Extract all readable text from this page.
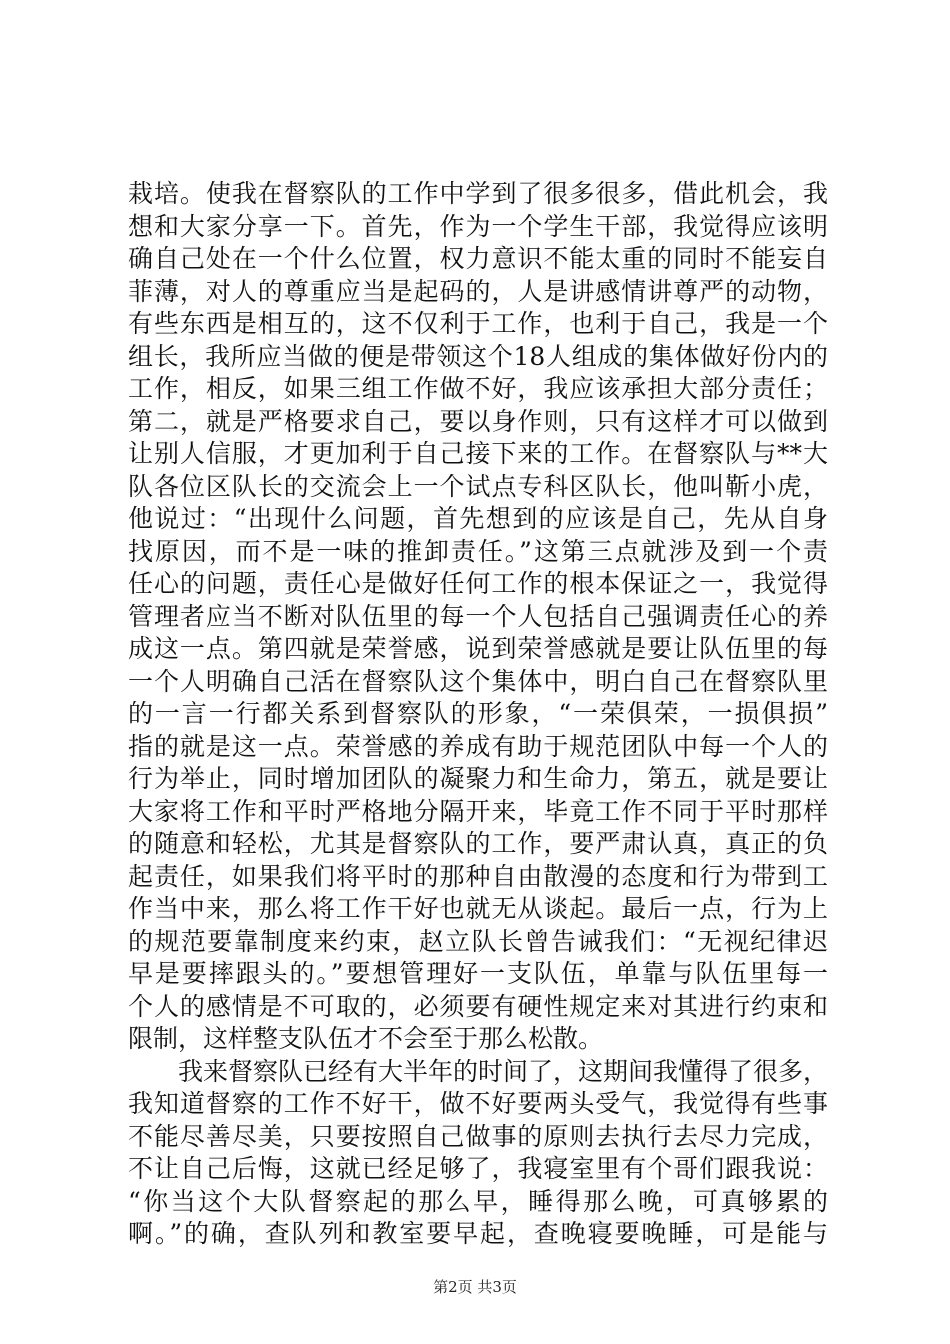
栽培。使我在督察队的工作中学到了很多很多，借此机会，我
想和大家分享一下。首先，作为一个学生干部，我觉得应该明
确自己处在一个什么位置，权力意识不能太重的同时不能妄自
菲薄，对人的尊重应当是起码的，人是讲感情讲尊严的动物，
有些东西是相互的，这不仅利于工作，也利于自己，我是一个
组长，我所应当做的便是带领这个18人组成的集体做好份内的
工作，相反，如果三组工作做不好，我应该承担大部分责任；
第二，就是严格要求自己，要以身作则，只有这样才可以做到
让别人信服，才更加利于自己接下来的工作。在督察队与**大
队各位区队长的交流会上一个试点专科区队长，他叫靳小虎，
他说过：“出现什么问题，首先想到的应该是自己，先从自身
找原因，而不是一味的推卸责任。”这第三点就涉及到一个责
任心的问题，责任心是做好任何工作的根本保证之一，我觉得
管理者应当不断对队伍里的每一个人包括自己强调责任心的养
成这一点。第四就是荣誉感，说到荣誉感就是要让队伍里的每
一个人明确自己活在督察队这个集体中，明白自己在督察队里
的一言一行都关系到督察队的形象，“一荣俱荣，一损俱损”
指的就是这一点。荣誉感的养成有助于规范团队中每一个人的
行为举止，同时增加团队的凝聚力和生命力，第五，就是要让
大家将工作和平时严格地分隔开来，毕竟工作不同于平时那样
的随意和轻松，尤其是督察队的工作，要严肃认真，真正的负
起责任，如果我们将平时的那种自由散漫的态度和行为带到工
作当中来，那么将工作干好也就无从谈起。最后一点，行为上
的规范要靠制度来约束，赵立队长曾告诫我们：“无视纪律迟
早是要摔跟头的。”要想管理好一支队伍，单靠与队伍里每一
个人的感情是不可取的，必须要有硬性规定来对其进行约束和
限制，这样整支队伍才不会至于那么松散。
我来督察队已经有大半年的时间了，这期间我懂得了很多，
我知道督察的工作不好干，做不好要两头受气，我觉得有些事
不能尽善尽美，只要按照自己做事的原则去执行去尽力完成，
不让自己后悔，这就已经足够了，我寝室里有个哥们跟我说：
“你当这个大队督察起的那么早，睡得那么晚，可真够累的
啊。”的确，查队列和教室要早起，查晚寝要晚睡，可是能与
第2页 共3页
